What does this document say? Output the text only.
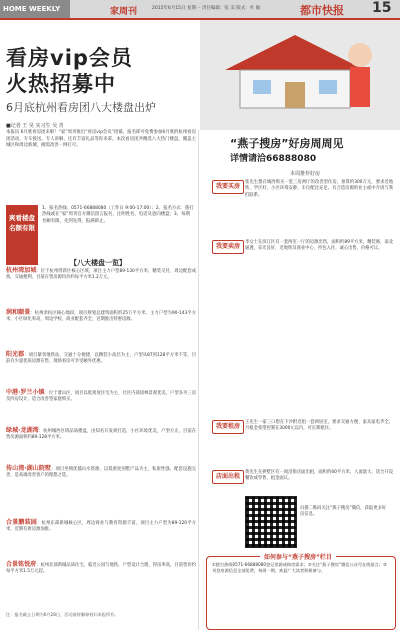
HOME WEEKLY	家周刊	2015年6月15日 星期一 责任编辑：张 美 版式：叶 敏	都市快报 15
看房vip会员
火热招募中
6月底杭州看房团八大楼盘出炉
■记者 王 昊 实习生 吴 青
本报讯 6月底看房团来啦！“家”周刊推出“看房vip会员”招募，报名即可免费参加6月底的杭州看房团活动，专车接送、专人讲解，还有丰富礼品等你来拿。本次看房团共精选八大热门楼盘，覆盖主城区和周边新城，刚需改善一网打尽。
爽看楼盘 名额有限
1、报名热线：0571-66888080（工作日 9:00-17:00）；2、报名方式：拨打热线或在“家”周刊官方微信留言报名，注明姓名、电话及意向楼盘；3、每期名额有限，先到先得，报满即止。
【八大楼盘一览】
杭州湾加城：位于杭州湾新区核心区域，项目主力户型89-130平方米，精装交付，周边配套成熟，交通便利，目前在售房源均价约每平方米1.2万元。
润和颐景：杭州余杭区核心地段，项目规划总建筑面积约25万平方米，主力户型为90-143平方米，小区绿化率高，周边学校、商业配套齐全，近期推出特惠房源。
阳光郡：项目紧邻地铁站，交通十分便捷，以精装小高层为主，户型从87到128平方米不等，目前有少量优质房源在售，现场看房可享受额外优惠。
中港·罗兰小镇：位于萧山区，项目以低密度住宅为主，社区内部园林景观优美，户型多为三房及四房设计，适合改善型家庭购买。
绿城·龙湖湾：杭州城西区域品质楼盘，由知名开发商打造，小区环境优美，户型方正，目前在售房源面积约89-128平方米。
传山湾·湖山院墅：项目坐拥优越山水资源，以低密度别墅产品为主，私密性强，配套设施完善，是高端改善客户的理想之选。
合景鹏装园：杭州东部新城核心区，周边商业与教育资源丰富，项目主力户型为89-120平方米，近期有新房源加推。
合景铭悦府：杭州北部新城品质住宅，临近公园与地铁，户型设计合理，得房率高，目前售价约每平方米1.5万元起。
注：报名截止日期为6月28日，活动最终解释权归本报所有。
“燕子搜房”好房周周见
详情请洽66888080
本周推荐好房
我要买房
张先生想在城西购买一套三房两厅的改善型住房，预算约300万元，要求近地铁、学区好，小区环境安静，车位配比充足。有合适房源的业主或中介请与我们联系。
我要卖房
李女士在滨江区有一套两室一厅的房源出售，面积约89平方米，精装修，南北通透，采光良好，近地铁及商业中心，拎包入住，诚心出售，价格可议。
我要租房
王先生一家三口想在下沙附近租一套两居室，要求交通方便、家具家电齐全，月租金希望控制在3000元以内，可长期租住。
店面出租
黄先生在拱墅区有一间沿街店面出租，面积约60平方米，人流量大，适合开设餐饮或零售，租金面议。
扫描二维码关注“燕子搜房”微信，获取更多好房信息。
如何参与“燕子搜房”栏目
①拨打热线0571-66888080登记房源或购房需求；②关注“燕子搜房”微信公众号在线留言；③刊登房源信息全部免费，每周一期，欢迎广大读者积极参与。
